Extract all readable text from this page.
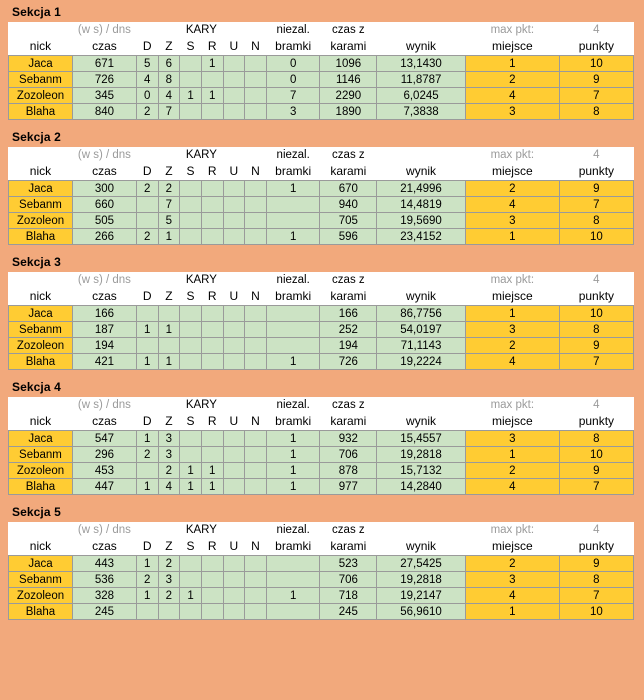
Sekcja 1
	(w s) / dns	KARY						niezal.	czas z		max pkt:	4
nick	czas	D	Z	S	R	U	N	bramki	karami	wynik	miejsce	punkty
Jaca	671	5	6		1			0	1096	13,1430	1	10
Sebanm	726	4	8					0	1146	11,8787	2	9
Zozoleon	345	0	4	1	1			7	2290	6,0245	4	7
Blaha	840	2	7					3	1890	7,3838	3	8
Sekcja 2
	(w s) / dns	KARY						niezal.	czas z		max pkt:	4
nick	czas	D	Z	S	R	U	N	bramki	karami	wynik	miejsce	punkty
Jaca	300	2	2					1	670	21,4996	2	9
Sebanm	660		7						940	14,4819	4	7
Zozoleon	505		5						705	19,5690	3	8
Blaha	266	2	1					1	596	23,4152	1	10
Sekcja 3
	(w s) / dns	KARY						niezal.	czas z		max pkt:	4
nick	czas	D	Z	S	R	U	N	bramki	karami	wynik	miejsce	punkty
Jaca	166								166	86,7756	1	10
Sebanm	187	1	1						252	54,0197	3	8
Zozoleon	194								194	71,1143	2	9
Blaha	421	1	1					1	726	19,2224	4	7
Sekcja 4
	(w s) / dns	KARY						niezal.	czas z		max pkt:	4
nick	czas	D	Z	S	R	U	N	bramki	karami	wynik	miejsce	punkty
Jaca	547	1	3					1	932	15,4557	3	8
Sebanm	296	2	3					1	706	19,2818	1	10
Zozoleon	453		2	1	1			1	878	15,7132	2	9
Blaha	447	1	4	1	1			1	977	14,2840	4	7
Sekcja 5
	(w s) / dns	KARY						niezal.	czas z		max pkt:	4
nick	czas	D	Z	S	R	U	N	bramki	karami	wynik	miejsce	punkty
Jaca	443	1	2						523	27,5425	2	9
Sebanm	536	2	3						706	19,2818	3	8
Zozoleon	328	1	2	1				1	718	19,2147	4	7
Blaha	245								245	56,9610	1	10
